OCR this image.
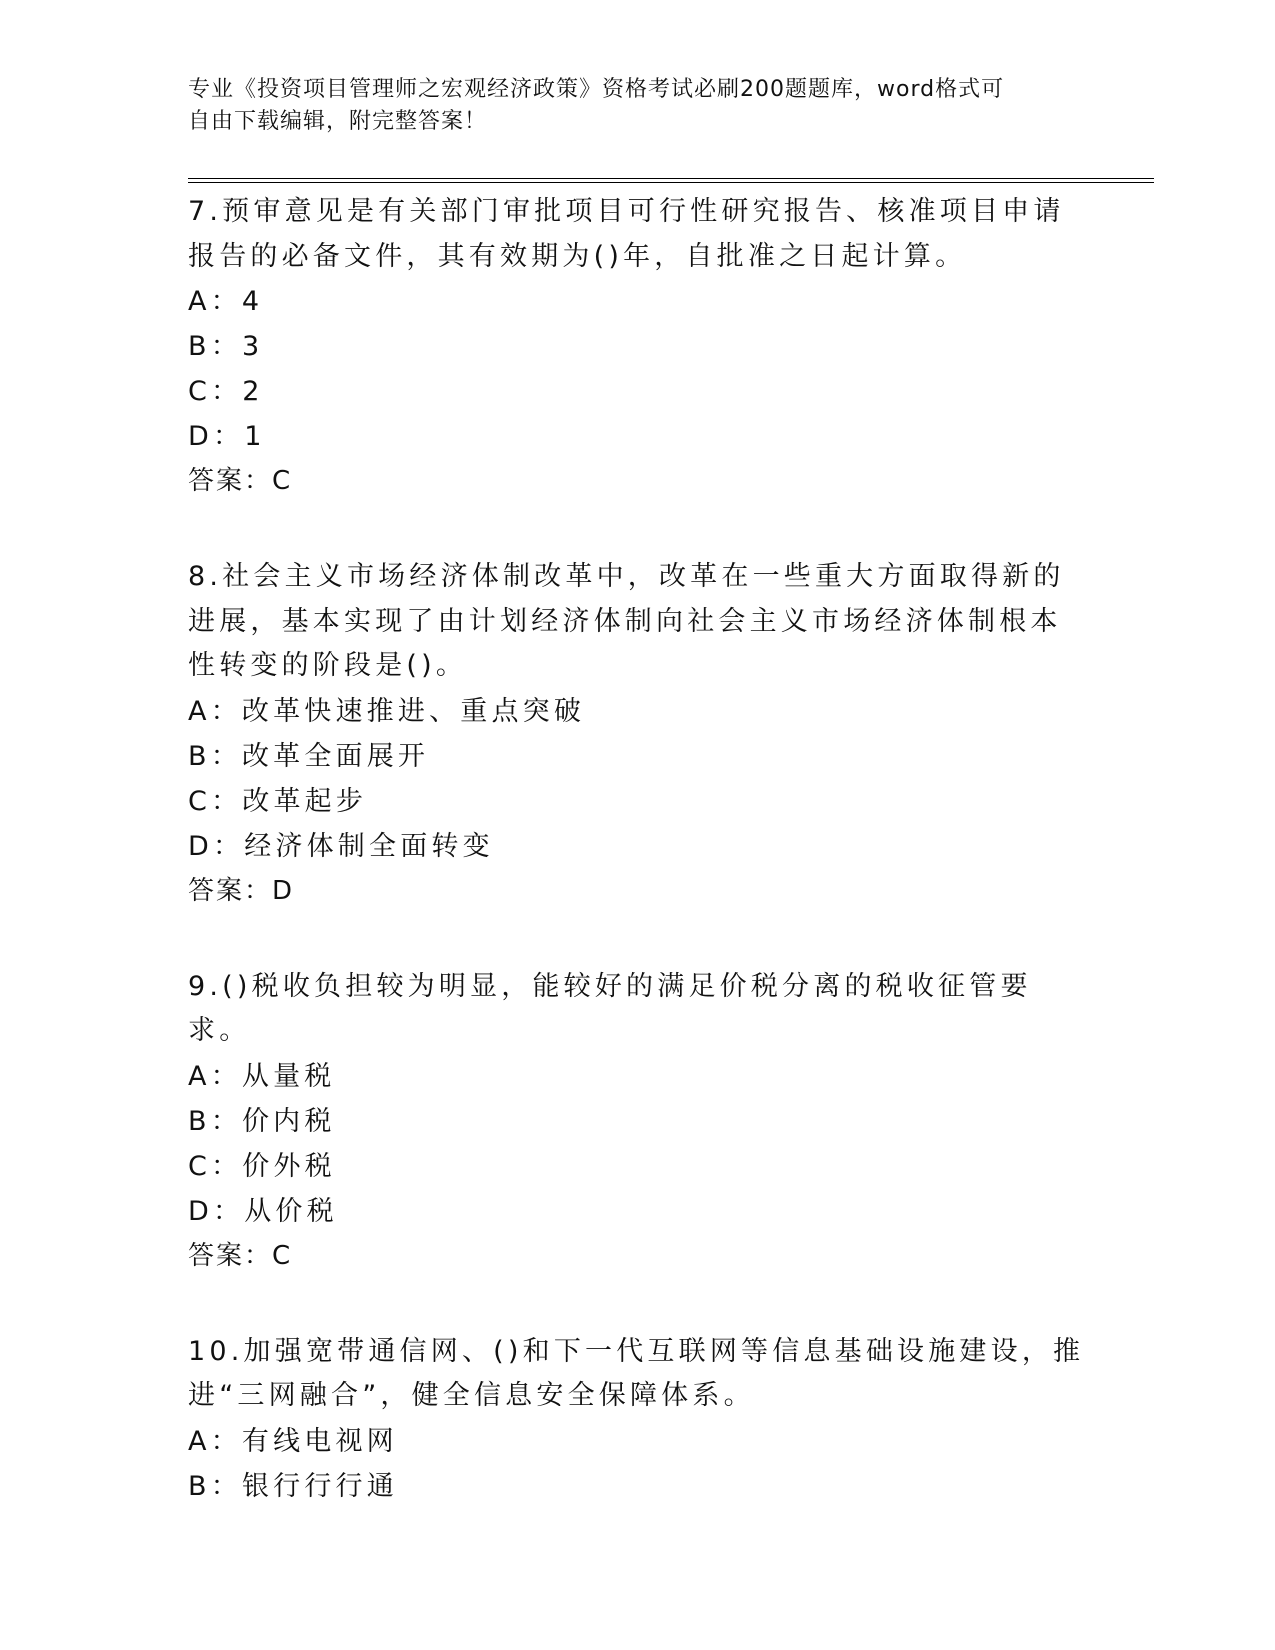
专业《投资项目管理师之宏观经济政策》资格考试必刷200题题库，word格式可
自由下载编辑，附完整答案！

7.预审意见是有关部门审批项目可行性研究报告、核准项目申请报告的必备文件，其有效期为()年，自批准之日起计算。

A：4
B：3
C：2
D：1

答案：C

8.社会主义市场经济体制改革中，改革在一些重大方面取得新的进展，基本实现了由计划经济体制向社会主义市场经济体制根本性转变的阶段是()。

A：改革快速推进、重点突破
B：改革全面展开
C：改革起步
D：经济体制全面转变

答案：D

9.()税收负担较为明显，能较好的满足价税分离的税收征管要求。

A：从量税
B：价内税
C：价外税
D：从价税

答案：C

10.加强宽带通信网、()和下一代互联网等信息基础设施建设，推进“三网融合”，健全信息安全保障体系。

A：有线电视网
B：银行行行通
